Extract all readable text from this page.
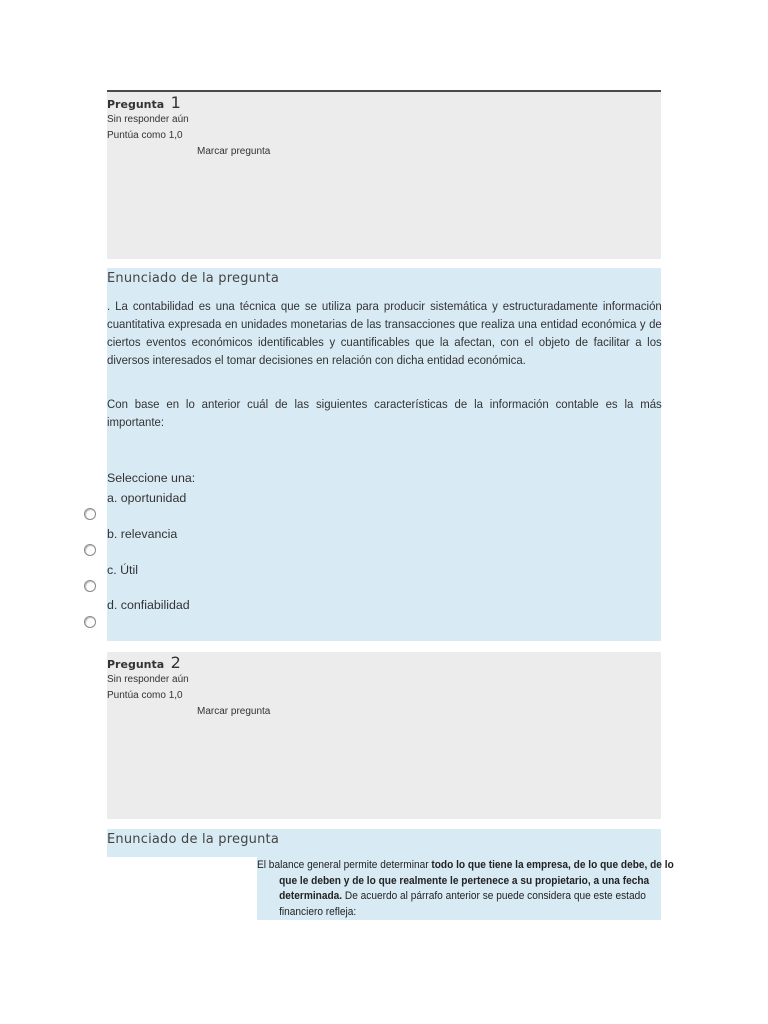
Pregunta 1
Sin responder aún
Puntúa como 1,0
Marcar pregunta
Enunciado de la pregunta
. La contabilidad es una técnica que se utiliza para producir sistemática y estructuradamente información cuantitativa expresada en unidades monetarias de las transacciones que realiza una entidad económica y de ciertos eventos económicos identificables y cuantificables que la afectan, con el objeto de facilitar a los diversos interesados el tomar decisiones en relación con dicha entidad económica.
Con base en lo anterior cuál de las siguientes características de la información contable es la más importante:
Seleccione una:
a. oportunidad
b. relevancia
c. Útil
d. confiabilidad
Pregunta 2
Sin responder aún
Puntúa como 1,0
Marcar pregunta
Enunciado de la pregunta
El balance general permite determinar todo lo que tiene la empresa, de lo que debe, de lo que le deben y de lo que realmente le pertenece a su propietario, a una fecha determinada. De acuerdo al párrafo anterior se puede considera que este estado financiero refleja:
